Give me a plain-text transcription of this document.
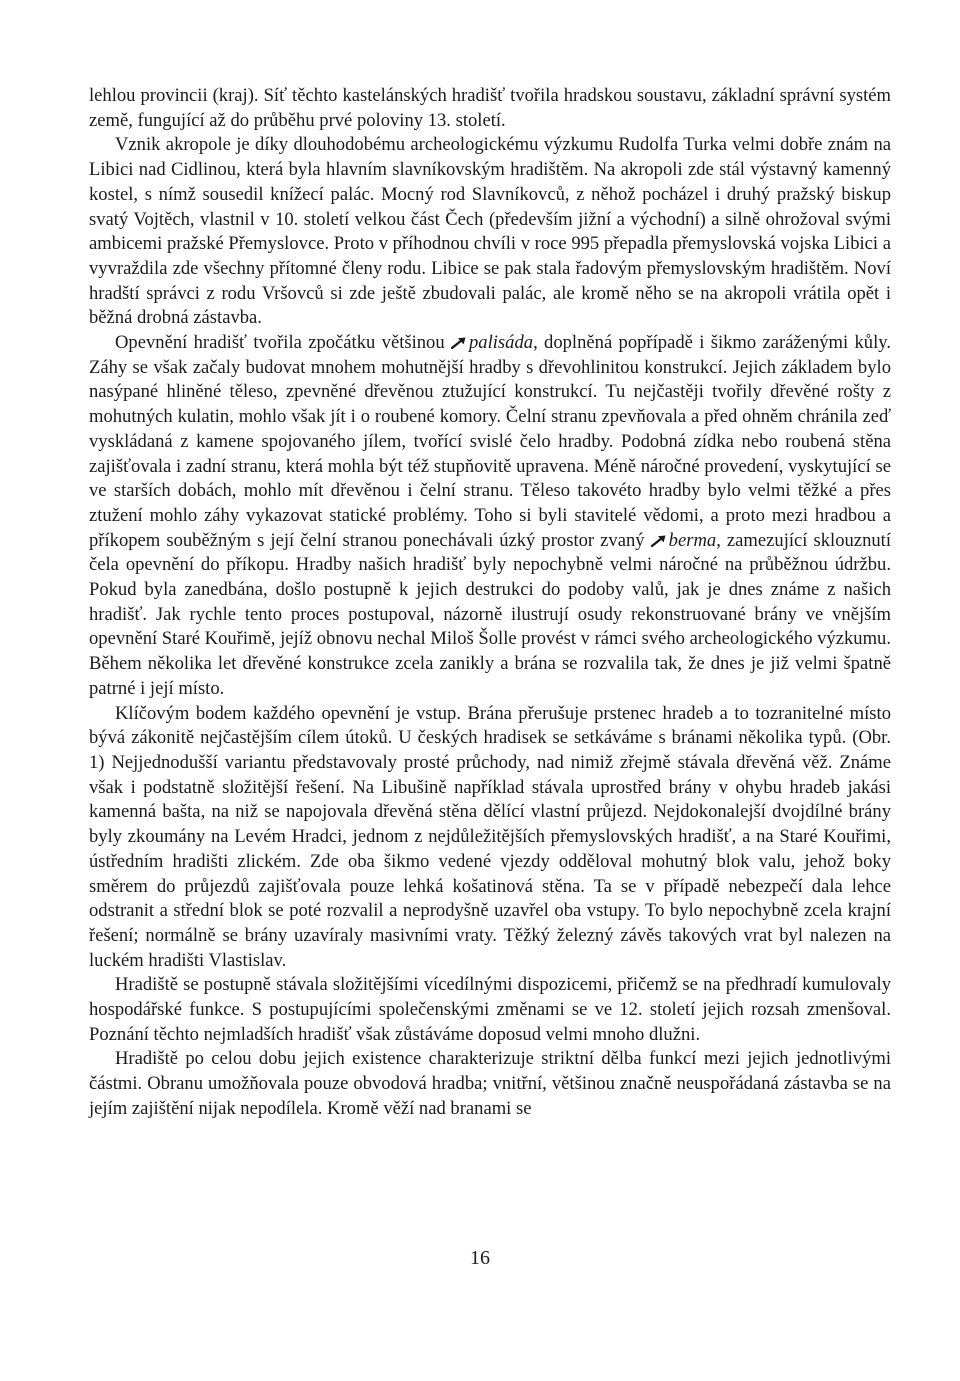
lehlou provincii (kraj). Síť těchto kastelánských hradišť tvořila hradskou soustavu, základní správní systém země, fungující až do průběhu prvé poloviny 13. století.

Vznik akropole je díky dlouhodobému archeologickému výzkumu Rudolfa Turka velmi dobře znám na Libici nad Cidlinou, která byla hlavním slavníkovským hradištěm. Na akropoli zde stál výstavný kamenný kostel, s nímž sousedil knížecí palác. Mocný rod Slavníkovců, z něhož pocházel i druhý pražský biskup svatý Vojtěch, vlastnil v 10. století velkou část Čech (především jižní a východní) a silně ohrožoval svými ambicemi pražské Přemyslovce. Proto v příhodnou chvíli v roce 995 přepadla přemyslovská vojska Libici a vyvraždila zde všechny přítomné členy rodu. Libice se pak stala řadovým přemyslovským hradištěm. Noví hradští správci z rodu Vršovců si zde ještě zbudovali palác, ale kromě něho se na akropoli vrátila opět i běžná drobná zástavba.

Opevnění hradišť tvořila zpočátku většinou palisáda, doplněná popřípadě i šikmo zaráženými kůly. Záhy se však začaly budovat mnohem mohutnější hradby s dřevohlinitou konstrukcí. Jejich základem bylo nasýpané hliněné těleso, zpevněné dřevěnou ztužující konstrukcí. Tu nejčastěji tvořily dřevěné rošty z mohutných kulatin, mohlo však jít i o roubené komory. Čelní stranu zpevňovala a před ohněm chránila zeď vyskládaná z kamene spojovaného jílem, tvořící svislé čelo hradby. Podobná zídka nebo roubená stěna zajišťovala i zadní stranu, která mohla být též stupňovitě upravena. Méně náročné provedení, vyskytující se ve starších dobách, mohlo mít dřevěnou i čelní stranu. Těleso takovéto hradby bylo velmi těžké a přes ztužení mohlo záhy vykazovat statické problémy. Toho si byli stavitelé vědomi, a proto mezi hradbou a příkopem souběžným s její čelní stranou ponechávali úzký prostor zvaný berma, zamezující sklouznutí čela opevnění do příkopu. Hradby našich hradišť byly nepochybně velmi náročné na průběžnou údržbu. Pokud byla zanedbána, došlo postupně k jejich destrukci do podoby valů, jak je dnes známe z našich hradišť. Jak rychle tento proces postupoval, názorně ilustrují osudy rekonstruované brány ve vnějším opevnění Staré Kouřimě, jejíž obnovu nechal Miloš Šolle provést v rámci svého archeologického výzkumu. Během několika let dřevěné konstrukce zcela zanikly a brána se rozvalila tak, že dnes je již velmi špatně patrné i její místo.

Klíčovým bodem každého opevnění je vstup. Brána přerušuje prstenec hradeb a to tozranitelné místo bývá zákonitě nejčastějším cílem útoků. U českých hradisek se setkáváme s bránami několika typů. (Obr. 1) Nejjednodušší variantu představovaly prosté průchody, nad nimiž zřejmě stávala dřevěná věž. Známe však i podstatně složitější řešení. Na Libušině například stávala uprostřed brány v ohybu hradeb jakási kamenná bašta, na niž se napojovala dřevěná stěna dělící vlastní průjezd. Nejdokonalejší dvojdílné brány byly zkoumány na Levém Hradci, jednom z nejdůležitějších přemyslovských hradišť, a na Staré Kouřimi, ústředním hradišti zlickém. Zde oba šikmo vedené vjezdy odděloval mohutný blok valu, jehož boky směrem do průjezdů zajišťovala pouze lehká košatinová stěna. Ta se v případě nebezpečí dala lehce odstranit a střední blok se poté rozvalil a neprodyšně uzavřel oba vstupy. To bylo nepochybně zcela krajní řešení; normálně se brány uzavíraly masivními vraty. Těžký železný závěs takových vrat byl nalezen na luckém hradišti Vlastislav.

Hradiště se postupně stávala složitějšími vícedílnými dispozicemi, přičemž se na předhradí kumulovaly hospodářské funkce. S postupujícími společenskými změnami se ve 12. století jejich rozsah zmenšoval. Poznání těchto nejmladších hradišť však zůstáváme doposud velmi mnoho dlužni.

Hradiště po celou dobu jejich existence charakterizuje striktní dělba funkcí mezi jejich jednotlivými částmi. Obranu umožňovala pouze obvodová hradba; vnitřní, většinou značně neuspořádaná zástavba se na jejím zajištění nijak nepodílela. Kromě věží nad branami se

16
